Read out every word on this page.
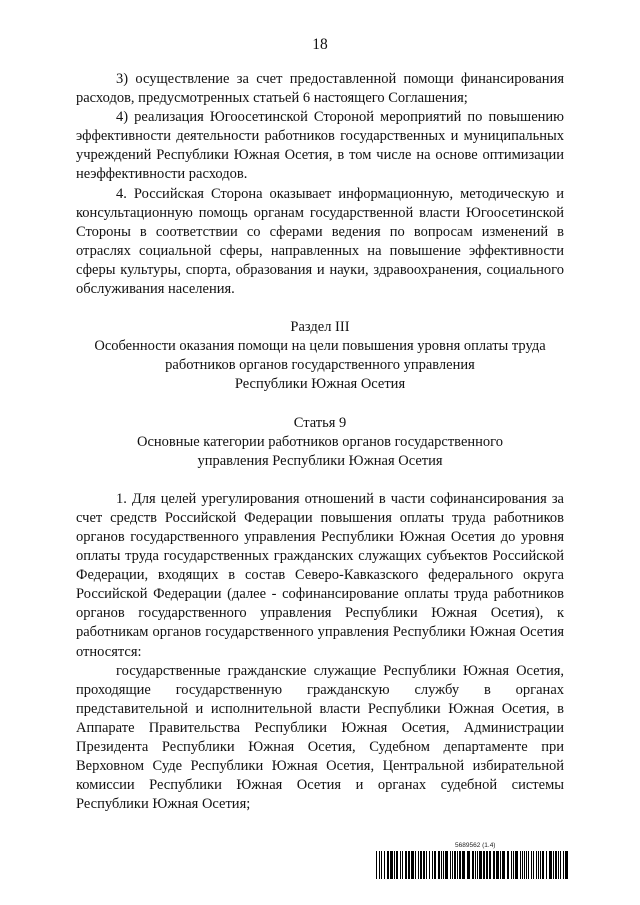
18

3) осуществление за счет предоставленной помощи финансирования расходов, предусмотренных статьей 6 настоящего Соглашения;

4) реализация Югоосетинской Стороной мероприятий по повышению эффективности деятельности работников государственных и муниципальных учреждений Республики Южная Осетия, в том числе на основе оптимизации неэффективности расходов.

4. Российская Сторона оказывает информационную, методическую и консультационную помощь органам государственной власти Югоосетинской Стороны в соответствии со сферами ведения по вопросам изменений в отраслях социальной сферы, направленных на повышение эффективности сферы культуры, спорта, образования и науки, здравоохранения, социального обслуживания населения.

Раздел III
Особенности оказания помощи на цели повышения уровня оплаты труда
работников органов государственного управления
Республики Южная Осетия
Статья 9
Основные категории работников органов государственного
управления Республики Южная Осетия

1. Для целей урегулирования отношений в части софинансирования за счет средств Российской Федерации повышения оплаты труда работников органов государственного управления Республики Южная Осетия до уровня оплаты труда государственных гражданских служащих субъектов Российской Федерации, входящих в состав Северо-Кавказского федерального округа Российской Федерации (далее - софинансирование оплаты труда работников органов государственного управления Республики Южная Осетия), к работникам органов государственного управления Республики Южная Осетия относятся:

государственные гражданские служащие Республики Южная Осетия, проходящие государственную гражданскую службу в органах представительной и исполнительной власти Республики Южная Осетия, в Аппарате Правительства Республики Южная Осетия, Администрации Президента Республики Южная Осетия, Судебном департаменте при Верховном Суде Республики Южная Осетия, Центральной избирательной комиссии Республики Южная Осетия и органах судебной системы Республики Южная Осетия;

5689562 (1.4)
